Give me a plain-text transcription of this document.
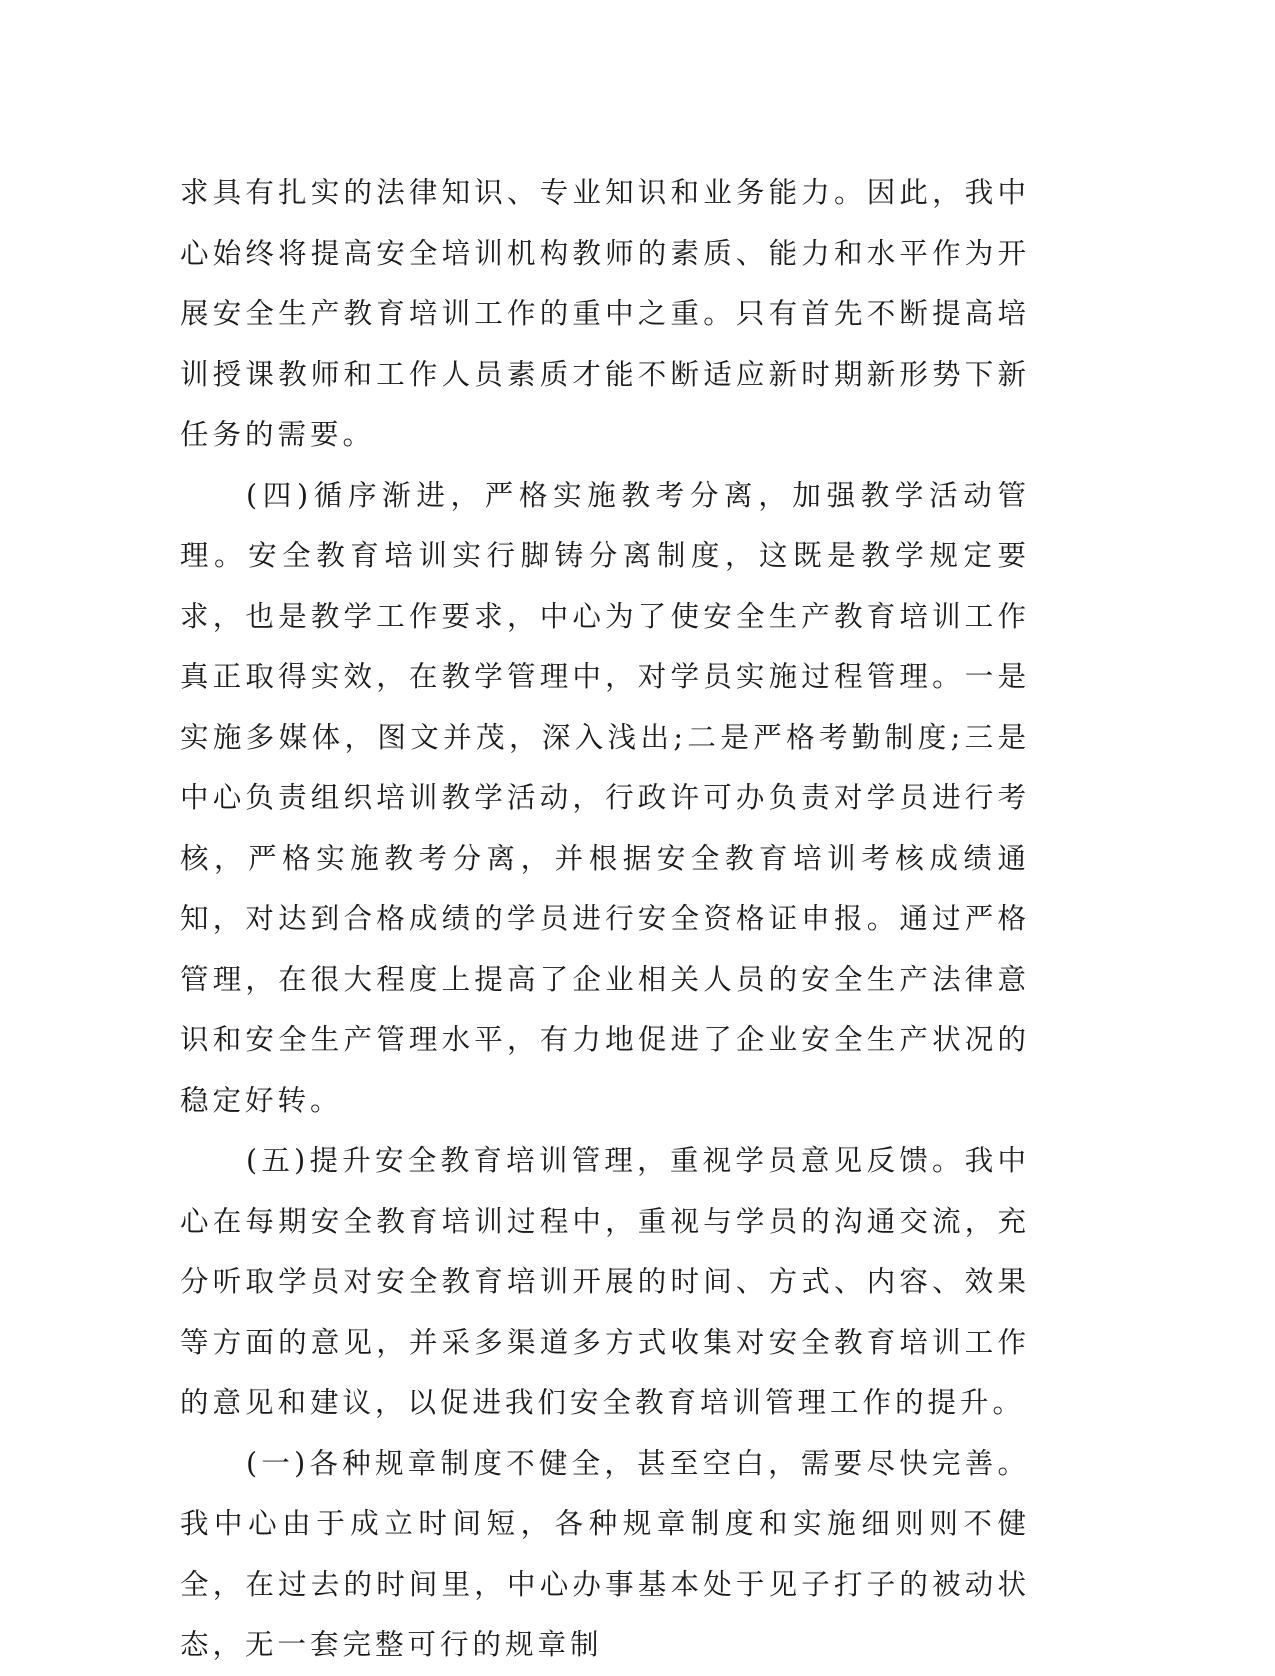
求具有扎实的法律知识、专业知识和业务能力。因此，我中心始终将提高安全培训机构教师的素质、能力和水平作为开展安全生产教育培训工作的重中之重。只有首先不断提高培训授课教师和工作人员素质才能不断适应新时期新形势下新任务的需要。

(四)循序渐进，严格实施教考分离，加强教学活动管理。安全教育培训实行脚铸分离制度，这既是教学规定要求，也是教学工作要求，中心为了使安全生产教育培训工作真正取得实效，在教学管理中，对学员实施过程管理。一是实施多媒体，图文并茂，深入浅出;二是严格考勤制度;三是中心负责组织培训教学活动，行政许可办负责对学员进行考核，严格实施教考分离，并根据安全教育培训考核成绩通知，对达到合格成绩的学员进行安全资格证申报。通过严格管理，在很大程度上提高了企业相关人员的安全生产法律意识和安全生产管理水平，有力地促进了企业安全生产状况的稳定好转。

(五)提升安全教育培训管理，重视学员意见反馈。我中心在每期安全教育培训过程中，重视与学员的沟通交流，充分听取学员对安全教育培训开展的时间、方式、内容、效果等方面的意见，并采多渠道多方式收集对安全教育培训工作的意见和建议，以促进我们安全教育培训管理工作的提升。

(一)各种规章制度不健全，甚至空白，需要尽快完善。我中心由于成立时间短，各种规章制度和实施细则则不健全，在过去的时间里，中心办事基本处于见子打子的被动状态，无一套完整可行的规章制
